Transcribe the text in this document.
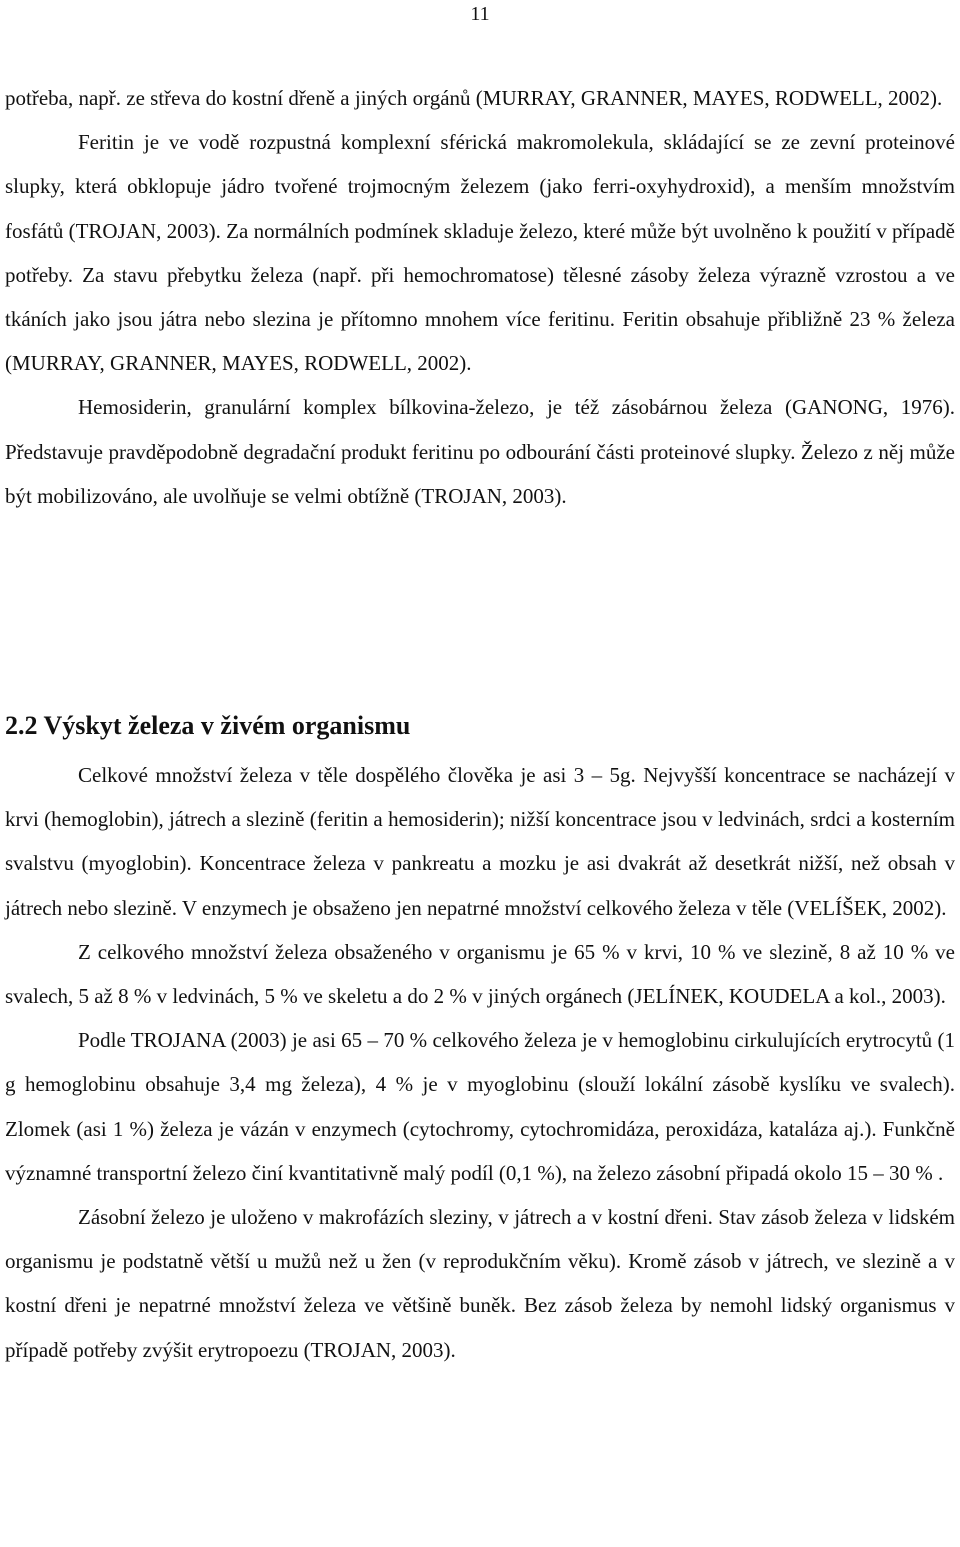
11

potřeba, např. ze střeva do kostní dřeně a jiných orgánů (MURRAY, GRANNER, MAYES, RODWELL, 2002).

Feritin je ve vodě rozpustná komplexní sférická makromolekula, skládající se ze zevní proteinové slupky, která obklopuje jádro tvořené trojmocným železem (jako ferri-oxyhydroxid), a menším množstvím fosfátů (TROJAN, 2003). Za normálních podmínek skladuje železo, které může být uvolněno k použití v případě potřeby. Za stavu přebytku železa (např. při hemochromatose) tělesné zásoby železa výrazně vzrostou a ve tkáních jako jsou játra nebo slezina je přítomno mnohem více feritinu. Feritin obsahuje přibližně 23 % železa (MURRAY, GRANNER, MAYES, RODWELL, 2002).

Hemosiderin, granulární komplex bílkovina-železo, je též zásobárnou železa (GANONG, 1976). Představuje pravděpodobně degradační produkt feritinu po odbourání části proteinové slupky. Železo z něj může být mobilizováno, ale uvolňuje se velmi obtížně (TROJAN, 2003).

2.2 Výskyt železa v živém organismu

Celkové množství železa v těle dospělého člověka je asi 3 – 5g. Nejvyšší koncentrace se nacházejí v krvi (hemoglobin), játrech a slezině (feritin a hemosiderin); nižší koncentrace jsou v ledvinách, srdci a kosterním svalstvu (myoglobin). Koncentrace železa v pankreatu a mozku je asi dvakrát až desetkrát nižší, než obsah v játrech nebo slezině. V enzymech je obsaženo jen nepatrné množství celkového železa v těle (VELÍŠEK, 2002).

Z celkového množství železa obsaženého v organismu je 65 % v krvi, 10 % ve slezině, 8 až 10 % ve svalech, 5 až 8 % v ledvinách, 5 % ve skeletu a do 2 % v jiných orgánech (JELÍNEK, KOUDELA a kol., 2003).

Podle TROJANA (2003) je asi 65 – 70 % celkového železa je v hemoglobinu cirkulujících erytrocytů (1 g hemoglobinu obsahuje 3,4 mg železa), 4 % je v myoglobinu (slouží lokální zásobě kyslíku ve svalech). Zlomek (asi 1 %) železa je vázán v enzymech (cytochromy, cytochromidáza, peroxidáza, kataláza aj.). Funkčně významné transportní železo činí kvantitativně malý podíl (0,1 %), na železo zásobní připadá okolo 15 – 30 % .

Zásobní železo je uloženo v makrofázích sleziny, v játrech a v kostní dřeni. Stav zásob železa v lidském organismu je podstatně větší u mužů než u žen (v reprodukčním věku). Kromě zásob v játrech, ve slezině a v kostní dřeni je nepatrné množství železa ve většině buněk. Bez zásob železa by nemohl lidský organismus v případě potřeby zvýšit erytropoezu (TROJAN, 2003).
